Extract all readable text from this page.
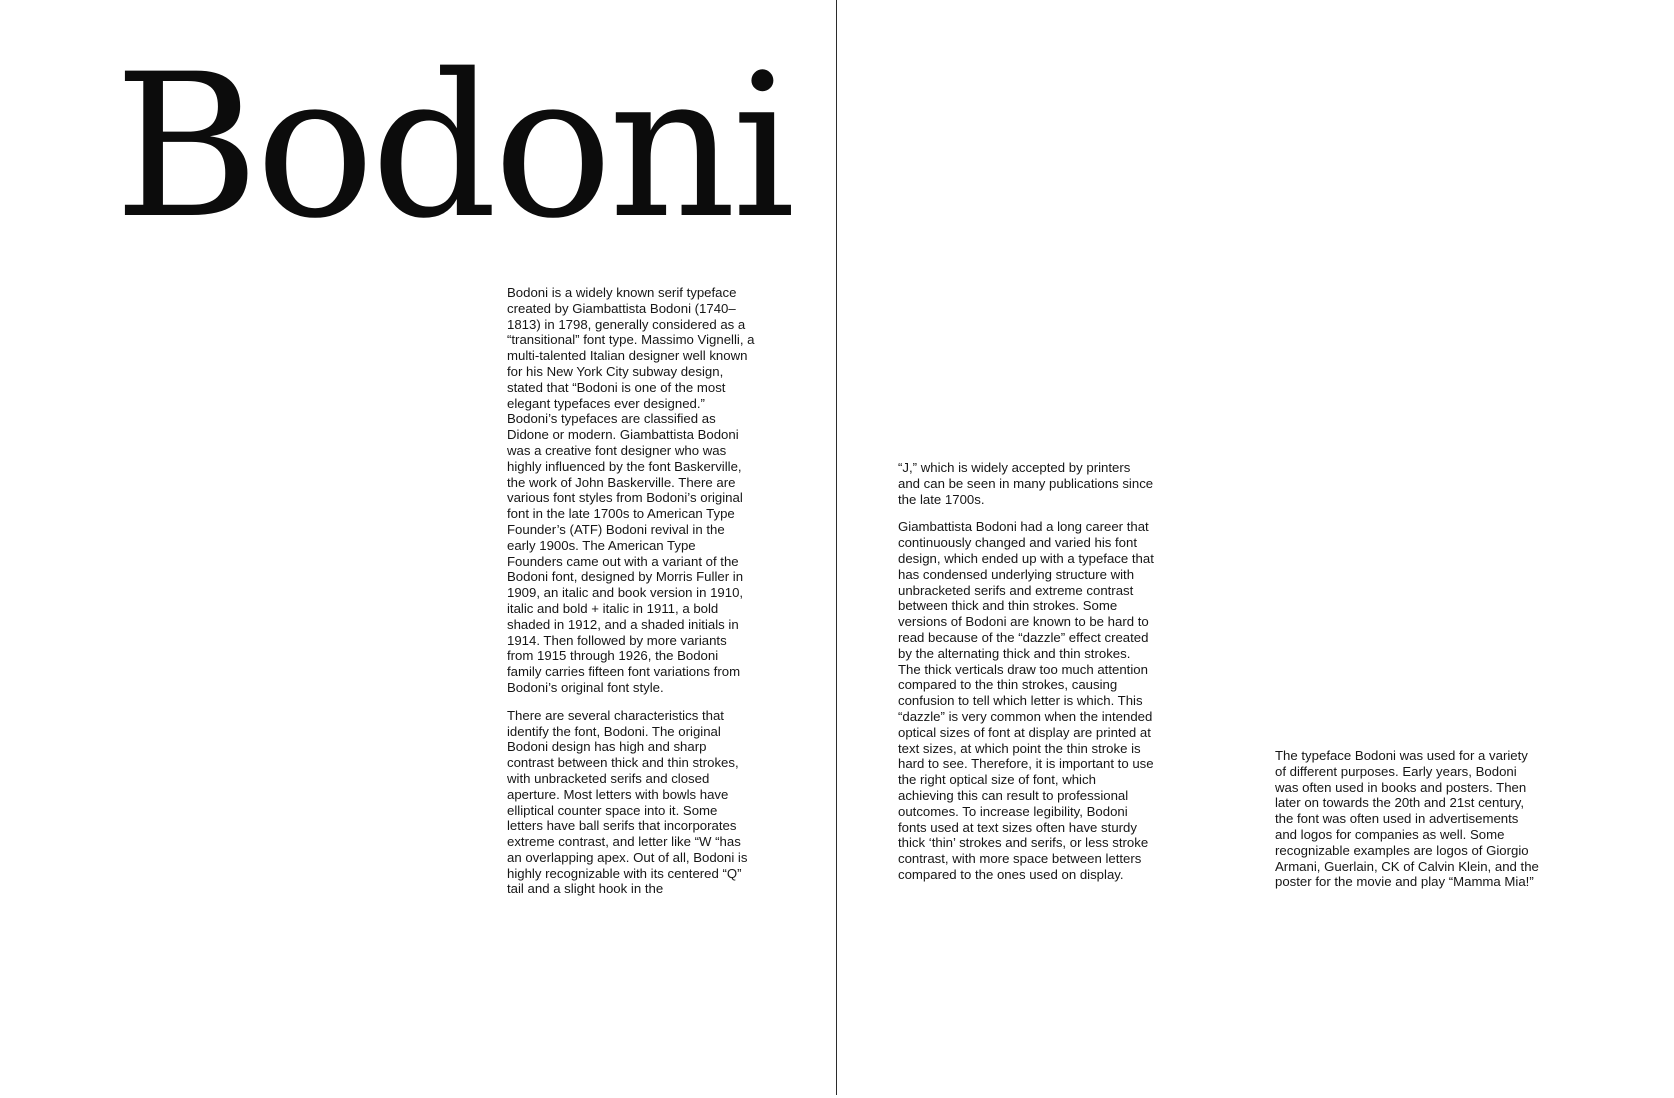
Bodoni

Bodoni is a widely known serif typeface created by Giambattista Bodoni (1740–1813) in 1798, generally considered as a “transitional” font type. Massimo Vignelli, a multi-talented Italian designer well known for his New York City subway design, stated that “Bodoni is one of the most elegant typefaces ever designed.” Bodoni’s typefaces are classified as Didone or modern. Giambattista Bodoni was a creative font designer who was highly influenced by the font Baskerville, the work of John Baskerville. There are various font styles from Bodoni’s original font in the late 1700s to American Type Founder’s (ATF) Bodoni revival in the early 1900s. The American Type Founders came out with a variant of the Bodoni font, designed by Morris Fuller in 1909, an italic and book version in 1910, italic and bold + italic in 1911, a bold shaded in 1912, and a shaded initials in 1914. Then followed by more variants from 1915 through 1926, the Bodoni family carries fifteen font variations from Bodoni’s original font style.

There are several characteristics that identify the font, Bodoni. The original Bodoni design has high and sharp contrast between thick and thin strokes, with unbracketed serifs and closed aperture. Most letters with bowls have elliptical counter space into it. Some letters have ball serifs that incorporates extreme contrast, and letter like “W “has an overlapping apex. Out of all, Bodoni is highly recognizable with its centered “Q” tail and a slight hook in the

“J,” which is widely accepted by printers and can be seen in many publications since the late 1700s.

Giambattista Bodoni had a long career that continuously changed and varied his font design, which ended up with a typeface that has condensed underlying structure with unbracketed serifs and extreme contrast between thick and thin strokes. Some versions of Bodoni are known to be hard to read because of the “dazzle” effect created by the alternating thick and thin strokes. The thick verticals draw too much attention compared to the thin strokes, causing confusion to tell which letter is which. This “dazzle” is very common when the intended optical sizes of font at display are printed at text sizes, at which point the thin stroke is hard to see. Therefore, it is important to use the right optical size of font, which achieving this can result to professional outcomes. To increase legibility, Bodoni fonts used at text sizes often have sturdy thick ‘thin’ strokes and serifs, or less stroke contrast, with more space between letters compared to the ones used on display.

The typeface Bodoni was used for a variety of different purposes. Early years, Bodoni was often used in books and posters. Then later on towards the 20th and 21st century, the font was often used in advertisements and logos for companies as well. Some recognizable examples are logos of Giorgio Armani, Guerlain, CK of Calvin Klein, and the poster for the movie and play “Mamma Mia!”
